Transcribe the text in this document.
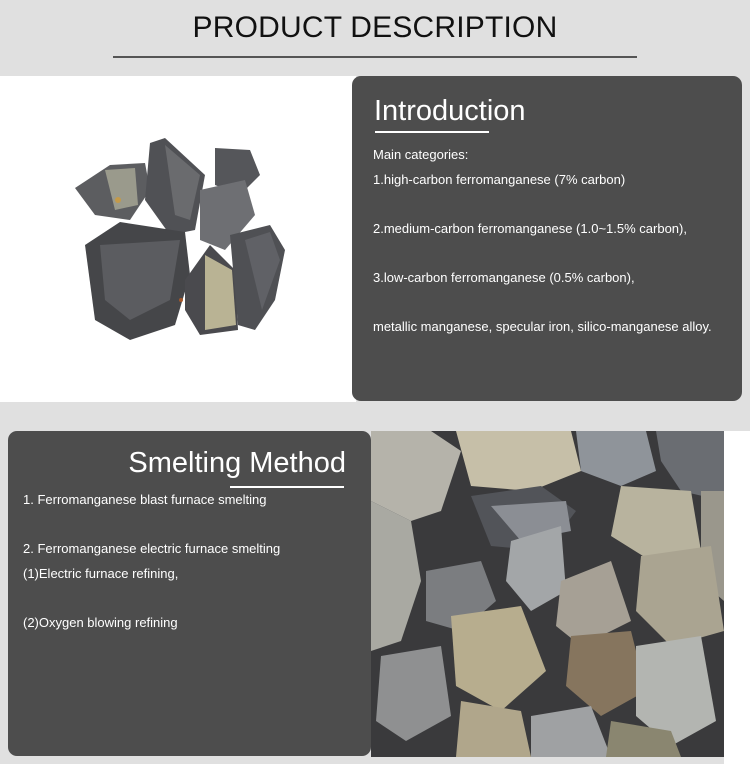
PRODUCT DESCRIPTION
Introduction
Main categories:
1.high-carbon ferromanganese (7% carbon)
2.medium-carbon ferromanganese (1.0~1.5% carbon),
3.low-carbon ferromanganese (0.5% carbon),
metallic manganese, specular iron, silico-manganese alloy.
Smelting Method
1. Ferromanganese blast furnace smelting
2. Ferromanganese electric furnace smelting
(1)Electric furnace refining,
(2)Oxygen blowing refining
